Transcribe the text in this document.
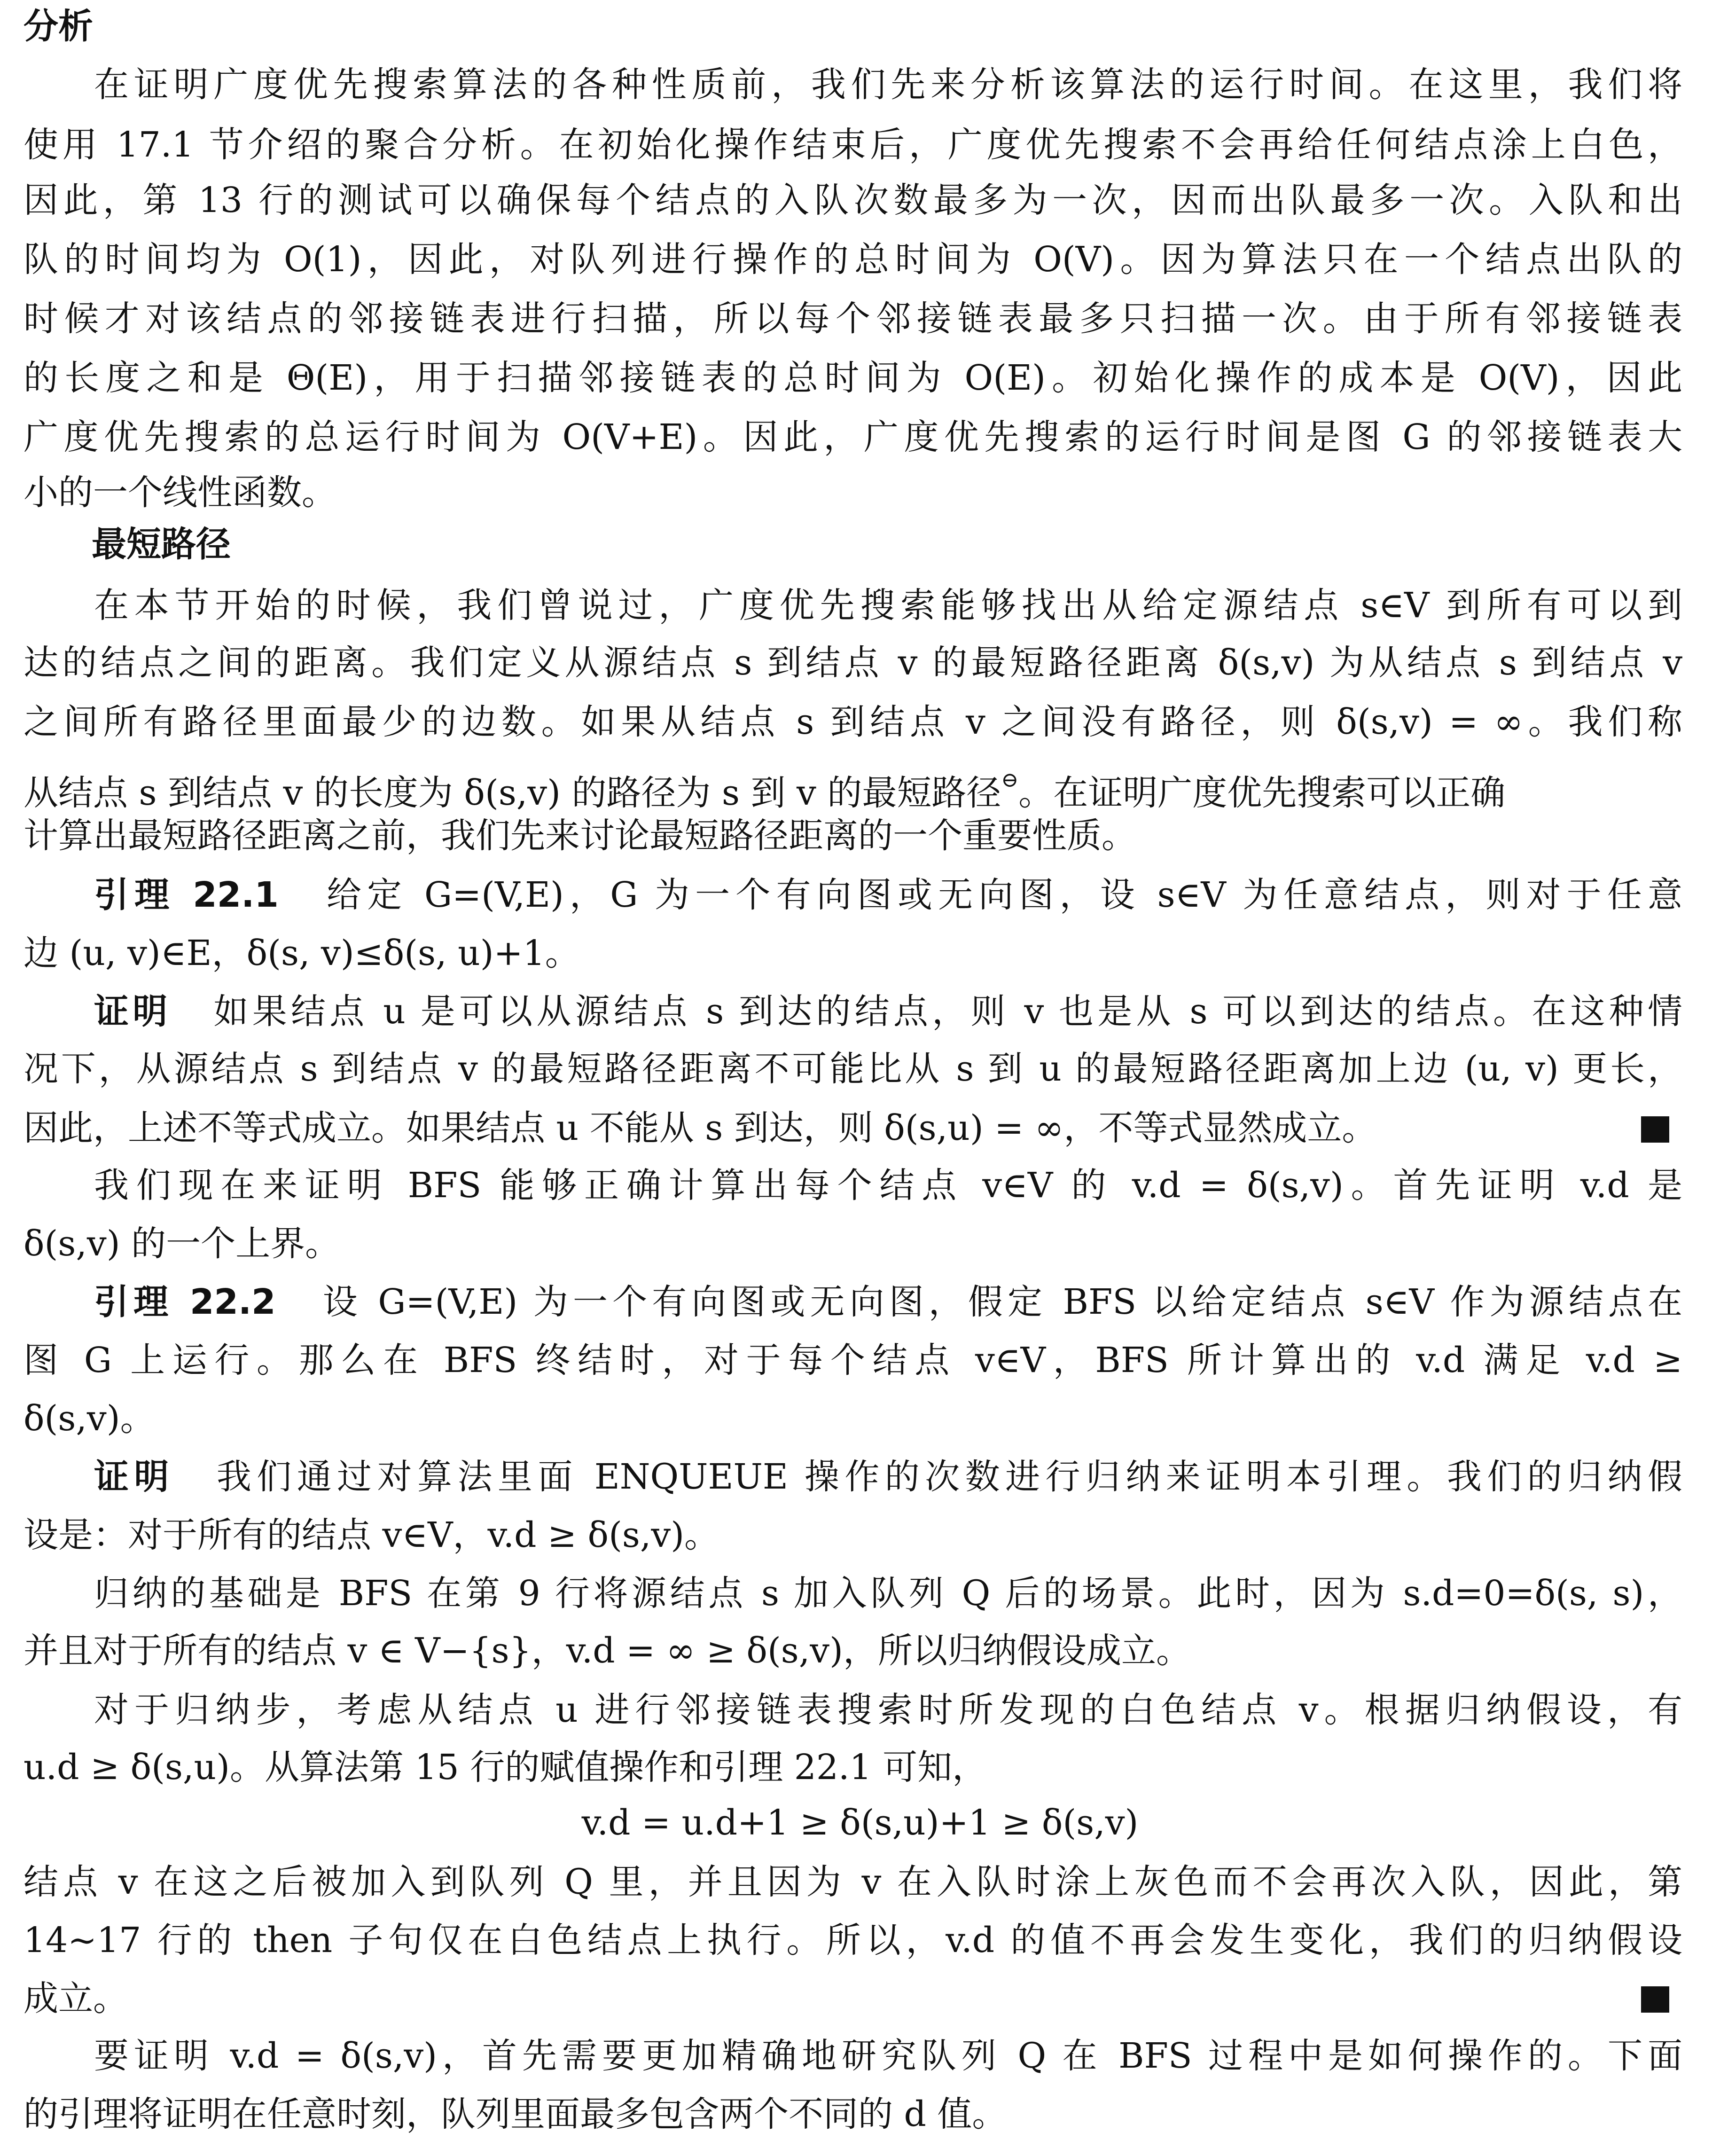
分析
在证明广度优先搜索算法的各种性质前，我们先来分析该算法的运行时间。在这里，我们将
使用 17.1 节介绍的聚合分析。在初始化操作结束后，广度优先搜索不会再给任何结点涂上白色，
因此，第 13 行的测试可以确保每个结点的入队次数最多为一次，因而出队最多一次。入队和出
队的时间均为 O(1)，因此，对队列进行操作的总时间为 O(V)。因为算法只在一个结点出队的
时候才对该结点的邻接链表进行扫描，所以每个邻接链表最多只扫描一次。由于所有邻接链表
的长度之和是 Θ(E)，用于扫描邻接链表的总时间为 O(E)。初始化操作的成本是 O(V)，因此
广度优先搜索的总运行时间为 O(V+E)。因此，广度优先搜索的运行时间是图 G 的邻接链表大
小的一个线性函数。
最短路径
在本节开始的时候，我们曾说过，广度优先搜索能够找出从给定源结点 s∈V 到所有可以到
达的结点之间的距离。我们定义从源结点 s 到结点 v 的最短路径距离 δ(s,v) 为从结点 s 到结点 v
之间所有路径里面最少的边数。如果从结点 s 到结点 v 之间没有路径，则 δ(s,v) = ∞。我们称
从结点 s 到结点 v 的长度为 δ(s,v) 的路径为 s 到 v 的最短路径⊖。在证明广度优先搜索可以正确
计算出最短路径距离之前，我们先来讨论最短路径距离的一个重要性质。
引理 22.1 给定 G=(V,E)，G 为一个有向图或无向图，设 s∈V 为任意结点，则对于任意
边 (u, v)∈E，δ(s, v)≤δ(s, u)+1。
证明 如果结点 u 是可以从源结点 s 到达的结点，则 v 也是从 s 可以到达的结点。在这种情
况下，从源结点 s 到结点 v 的最短路径距离不可能比从 s 到 u 的最短路径距离加上边 (u, v) 更长，
因此，上述不等式成立。如果结点 u 不能从 s 到达，则 δ(s,u) = ∞，不等式显然成立。
我们现在来证明 BFS 能够正确计算出每个结点 v∈V 的 v.d = δ(s,v)。首先证明 v.d 是
δ(s,v) 的一个上界。
引理 22.2 设 G=(V,E) 为一个有向图或无向图，假定 BFS 以给定结点 s∈V 作为源结点在
图 G 上运行。那么在 BFS 终结时，对于每个结点 v∈V，BFS 所计算出的 v.d 满足 v.d ≥
δ(s,v)。
证明 我们通过对算法里面 ENQUEUE 操作的次数进行归纳来证明本引理。我们的归纳假
设是：对于所有的结点 v∈V，v.d ≥ δ(s,v)。
归纳的基础是 BFS 在第 9 行将源结点 s 加入队列 Q 后的场景。此时，因为 s.d=0=δ(s, s)，
并且对于所有的结点 v ∈ V−{s}，v.d = ∞ ≥ δ(s,v)，所以归纳假设成立。
对于归纳步，考虑从结点 u 进行邻接链表搜索时所发现的白色结点 v。根据归纳假设，有
u.d ≥ δ(s,u)。从算法第 15 行的赋值操作和引理 22.1 可知，
v.d = u.d+1 ≥ δ(s,u)+1 ≥ δ(s,v)
结点 v 在这之后被加入到队列 Q 里，并且因为 v 在入队时涂上灰色而不会再次入队，因此，第
14~17 行的 then 子句仅在白色结点上执行。所以，v.d 的值不再会发生变化，我们的归纳假设
成立。
要证明 v.d = δ(s,v)，首先需要更加精确地研究队列 Q 在 BFS 过程中是如何操作的。下面
的引理将证明在任意时刻，队列里面最多包含两个不同的 d 值。
